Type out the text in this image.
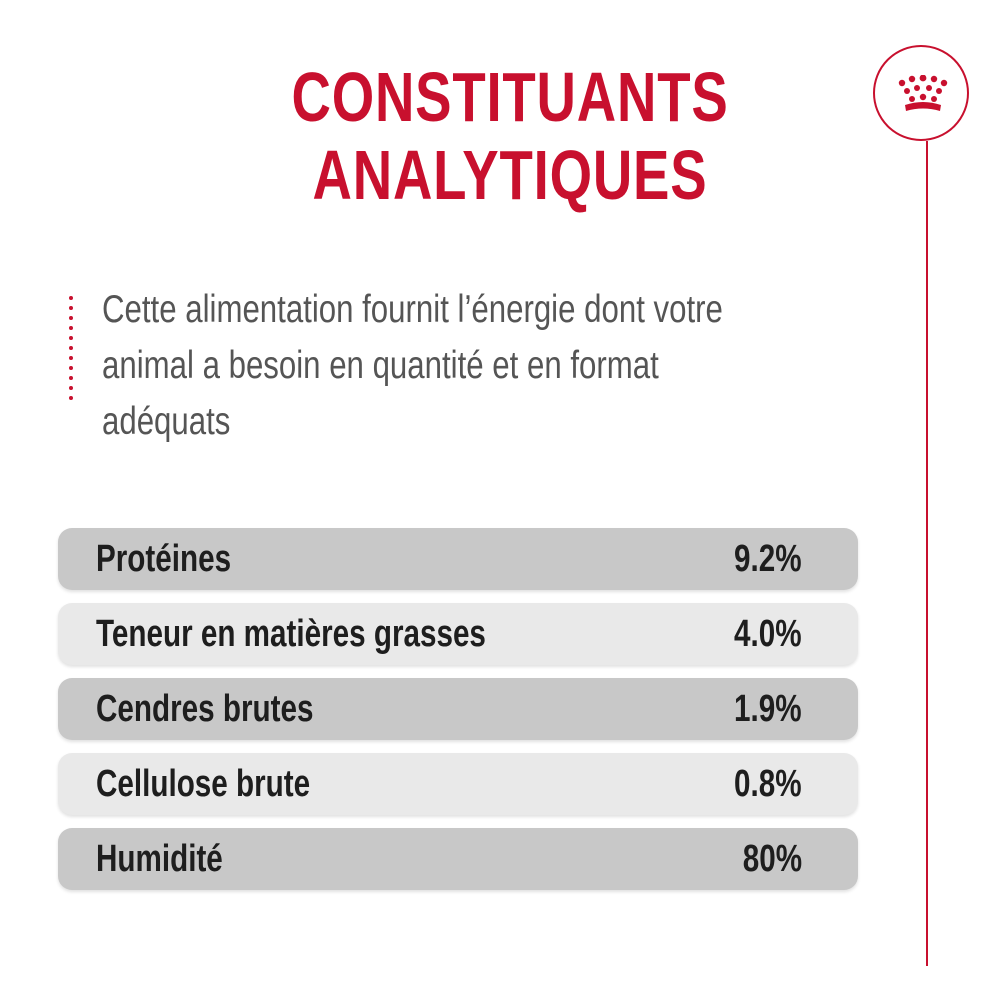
CONSTITUANTS
ANALYTIQUES
Cette alimentation fournit l’énergie dont votre animal a besoin en quantité et en format adéquats
Protéines	9.2%
Teneur en matières grasses	4.0%
Cendres brutes	1.9%
Cellulose brute	0.8%
Humidité	80%
